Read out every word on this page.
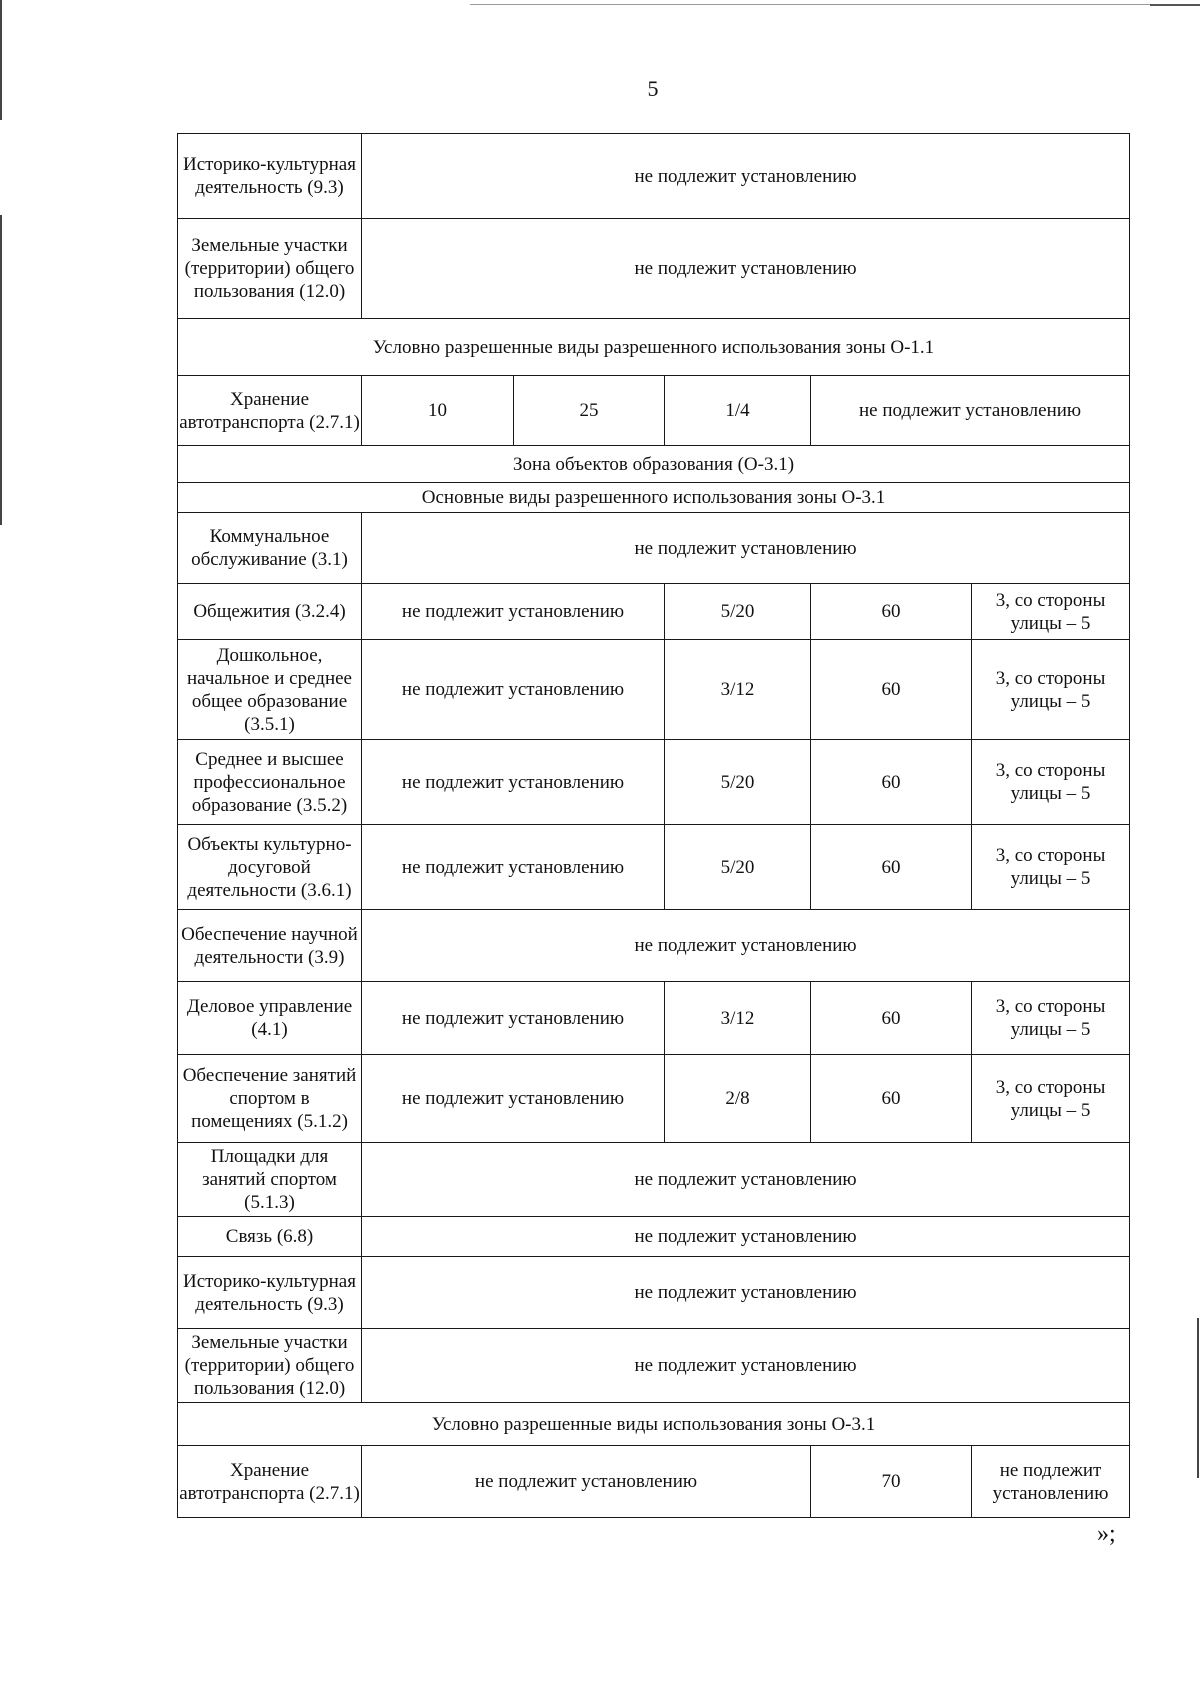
5
Историко-культурная деятельность (9.3)	не подлежит установлению				
Земельные участки (территории) общего пользования (12.0)	не подлежит установлению				
Условно разрешенные виды разрешенного использования зоны О-1.1					
Хранение автотранспорта (2.7.1)	10	25	1/4	не подлежит установлению	
Зона объектов образования (О-3.1)					
Основные виды разрешенного использования зоны О-3.1					
Коммунальное обслуживание (3.1)	не подлежит установлению				
Общежития (3.2.4)	не подлежит установлению		5/20	60	3, со стороны улицы – 5
Дошкольное, начальное и среднее общее образование (3.5.1)	не подлежит установлению		3/12	60	3, со стороны улицы – 5
Среднее и высшее профессиональное образование (3.5.2)	не подлежит установлению		5/20	60	3, со стороны улицы – 5
Объекты культурно-досуговой деятельности (3.6.1)	не подлежит установлению		5/20	60	3, со стороны улицы – 5
Обеспечение научной деятельности (3.9)	не подлежит установлению				
Деловое управление (4.1)	не подлежит установлению		3/12	60	3, со стороны улицы – 5
Обеспечение занятий спортом в помещениях (5.1.2)	не подлежит установлению		2/8	60	3, со стороны улицы – 5
Площадки для занятий спортом (5.1.3)	не подлежит установлению				
Связь (6.8)	не подлежит установлению				
Историко-культурная деятельность (9.3)	не подлежит установлению				
Земельные участки (территории) общего пользования (12.0)	не подлежит установлению				
Условно разрешенные виды использования зоны О-3.1					
Хранение автотранспорта (2.7.1)	не подлежит установлению			70	не подлежит установлению
»;
